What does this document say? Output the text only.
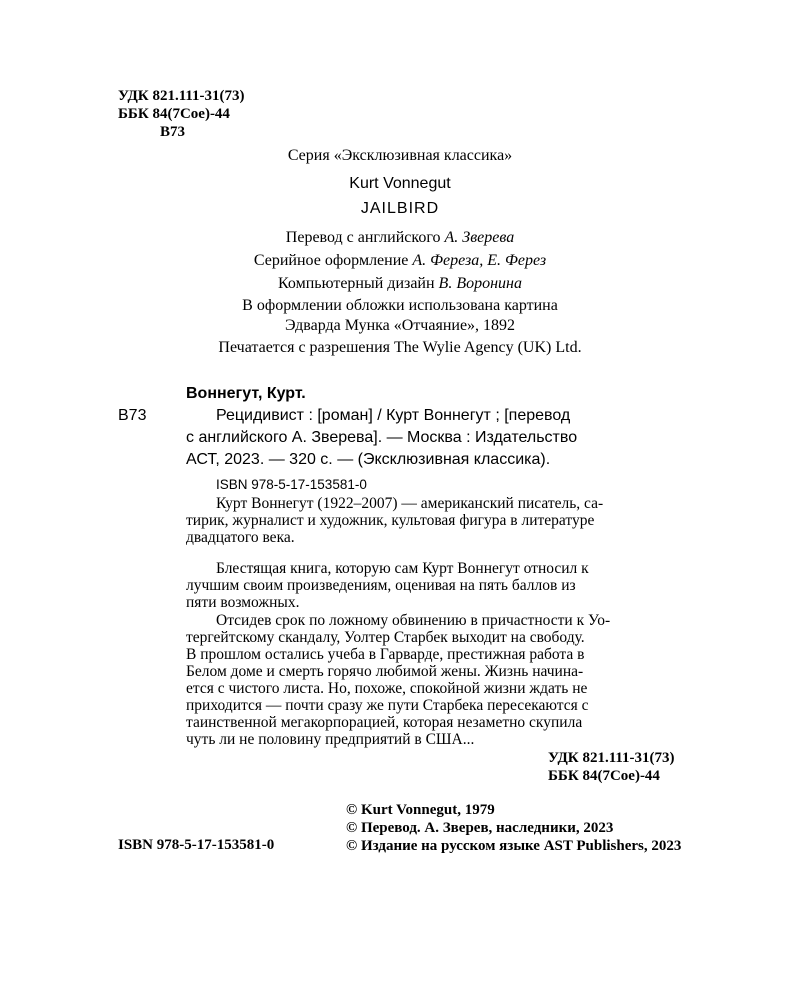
УДК 821.111-31(73)
ББК 84(7Сое)-44
В73
Серия «Эксклюзивная классика»
Kurt Vonnegut
JAILBIRD
Перевод с английского А. Зверева
Серийное оформление А. Фереза, Е. Ферез
Компьютерный дизайн В. Воронина
В оформлении обложки использована картина
Эдварда Мунка «Отчаяние», 1892
Печатается с разрешения The Wylie Agency (UK) Ltd.
Воннегут, Курт.
В73	Рецидивист : [роман] / Курт Воннегут ; [перевод
с английского А. Зверева]. — Москва : Издательство
АСТ, 2023. — 320 с. — (Эксклюзивная классика).
ISBN 978-5-17-153581-0
Курт Воннегут (1922–2007) — американский писатель, са-
тирик, журналист и художник, культовая фигура в литературе
двадцатого века.
Блестящая книга, которую сам Курт Воннегут относил к
лучшим своим произведениям, оценивая на пять баллов из
пяти возможных.
Отсидев срок по ложному обвинению в причастности к Уо-
тергейтскому скандалу, Уолтер Старбек выходит на свободу.
В прошлом остались учеба в Гарварде, престижная работа в
Белом доме и смерть горячо любимой жены. Жизнь начина-
ется с чистого листа. Но, похоже, спокойной жизни ждать не
приходится — почти сразу же пути Старбека пересекаются с
таинственной мегакорпорацией, которая незаметно скупила
чуть ли не половину предприятий в США...
УДК 821.111-31(73)
ББК 84(7Сое)-44
ISBN 978-5-17-153581-0
© Kurt Vonnegut, 1979
© Перевод. А. Зверев, наследники, 2023
© Издание на русском языке AST Publishers, 2023
